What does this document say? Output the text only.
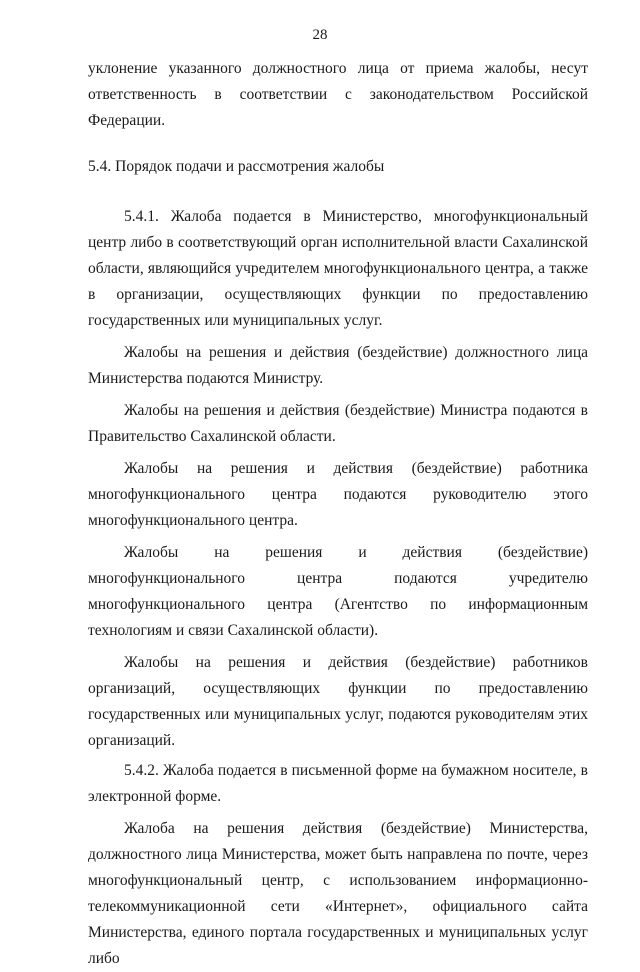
28

уклонение указанного должностного лица от приема жалобы, несут ответственность в соответствии с законодательством Российской Федерации.

5.4. Порядок подачи и рассмотрения жалобы

5.4.1. Жалоба подается в Министерство, многофункциональный центр либо в соответствующий орган исполнительной власти Сахалинской области, являющийся учредителем многофункционального центра, а также в организации, осуществляющих функции по предоставлению государственных или муниципальных услуг.

Жалобы на решения и действия (бездействие) должностного лица Министерства подаются Министру.

Жалобы на решения и действия (бездействие) Министра подаются в Правительство Сахалинской области.

Жалобы на решения и действия (бездействие) работника многофункционального центра подаются руководителю этого многофункционального центра.

Жалобы на решения и действия (бездействие) многофункционального центра подаются учредителю многофункционального центра (Агентство по информационным технологиям и связи Сахалинской области).

Жалобы на решения и действия (бездействие) работников организаций, осуществляющих функции по предоставлению государственных или муниципальных услуг, подаются руководителям этих организаций.

5.4.2. Жалоба подается в письменной форме на бумажном носителе, в электронной форме.

Жалоба на решения действия (бездействие) Министерства, должностного лица Министерства, может быть направлена по почте, через многофункциональный центр, с использованием информационно-телекоммуникационной сети «Интернет», официального сайта Министерства, единого портала государственных и муниципальных услуг либо
